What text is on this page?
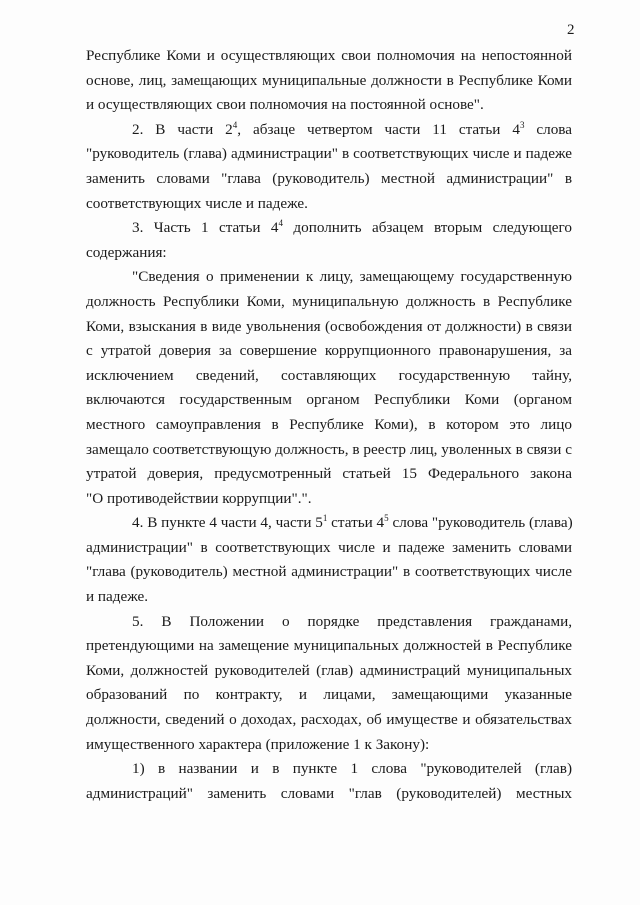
2
Республике Коми и осуществляющих свои полномочия на непостоянной
основе, лиц, замещающих муниципальные должности в Республике Коми
и осуществляющих свои полномочия на постоянной основе".
2. В части $2^4$, абзаце четвертом части 11 статьи $4^3$ слова
"руководитель (глава) администрации" в соответствующих числе и падеже
заменить словами "глава (руководитель) местной администрации" в
соответствующих числе и падеже.
3. Часть 1 статьи $4^4$ дополнить абзацем вторым следующего
содержания:
"Сведения о применении к лицу, замещающему государственную
должность Республики Коми, муниципальную должность в Республике
Коми, взыскания в виде увольнения (освобождения от должности) в связи
с утратой доверия за совершение коррупционного правонарушения, за
исключением сведений, составляющих государственную тайну,
включаются государственным органом Республики Коми (органом
местного самоуправления в Республике Коми), в котором это лицо
замещало соответствующую должность, в реестр лиц, уволенных в связи с
утратой доверия, предусмотренный статьей 15 Федерального закона
"О противодействии коррупции".".
4. В пункте 4 части 4, части $5^1$ статьи $4^5$ слова "руководитель (глава)
администрации" в соответствующих числе и падеже заменить словами
"глава (руководитель) местной администрации" в соответствующих числе
и падеже.
5. В Положении о порядке представления гражданами,
претендующими на замещение муниципальных должностей в Республике
Коми, должностей руководителей (глав) администраций муниципальных
образований по контракту, и лицами, замещающими указанные
должности, сведений о доходах, расходах, об имуществе и обязательствах
имущественного характера (приложение 1 к Закону):
1) в названии и в пункте 1 слова "руководителей (глав)
администраций" заменить словами "глав (руководителей) местных
